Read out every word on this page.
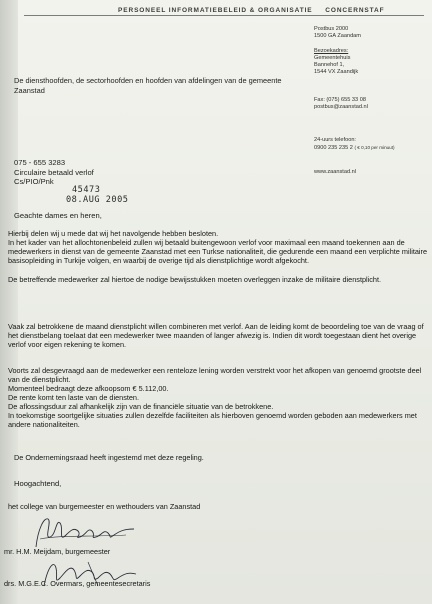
PERSONEEL INFORMATIEBELEID & ORGANISATIE CONCERNSTAF
Postbus 2000
1500 GA Zaandam
Bezoekadres:
Gemeentehuis
Bannehof 1,
1544 VX Zaandijk
Fax: (075) 655 33 08
postbus@zaanstad.nl
24-uurs telefoon:
0900 235 235 2 ( € 0,10 per minuut)
www.zaanstad.nl
De diensthoofden, de sectorhoofden en hoofden van afdelingen van de gemeente Zaanstad
075 - 655 3283
Circulaire betaald verlof
Cs/PIO/Pnk
45473
08.AUG 2005
Geachte dames en heren,
Hierbij delen wij u mede dat wij het navolgende hebben besloten.
In het kader van het allochtonenbeleid zullen wij betaald buitengewoon verlof voor maximaal een maand toekennen aan de medewerkers in dienst van de gemeente Zaanstad met een Turkse nationaliteit, die gedurende een maand een verplichte militaire basisopleiding in Turkije volgen, en waarbij de overige tijd als dienstplichtige wordt afgekocht.
De betreffende medewerker zal hiertoe de nodige bewijsstukken moeten overleggen inzake de militaire dienstplicht.
Vaak zal betrokkene de maand dienstplicht willen combineren met verlof. Aan de leiding komt de beoordeling toe van de vraag of het dienstbelang toelaat dat een medewerker twee maanden of langer afwezig is. Indien dit wordt toegestaan dient het overige verlof voor eigen rekening te komen.
Voorts zal desgevraagd aan de medewerker een renteloze lening worden verstrekt voor het afkopen van genoemd grootste deel van de dienstplicht.
Momenteel bedraagt deze afkoopsom € 5.112,00.
De rente komt ten laste van de diensten.
De aflossingsduur zal afhankelijk zijn van de financiële situatie van de betrokkene.
In toekomstige soortgelijke situaties zullen dezelfde faciliteiten als hierboven genoemd worden geboden aan medewerkers met andere nationaliteiten.
De Ondernemingsraad heeft ingestemd met deze regeling.
Hoogachtend,
het college van burgemeester en wethouders van Zaanstad
mr. H.M. Meijdam, burgemeester
drs. M.G.E.C. Overmars, gemeentesecretaris
